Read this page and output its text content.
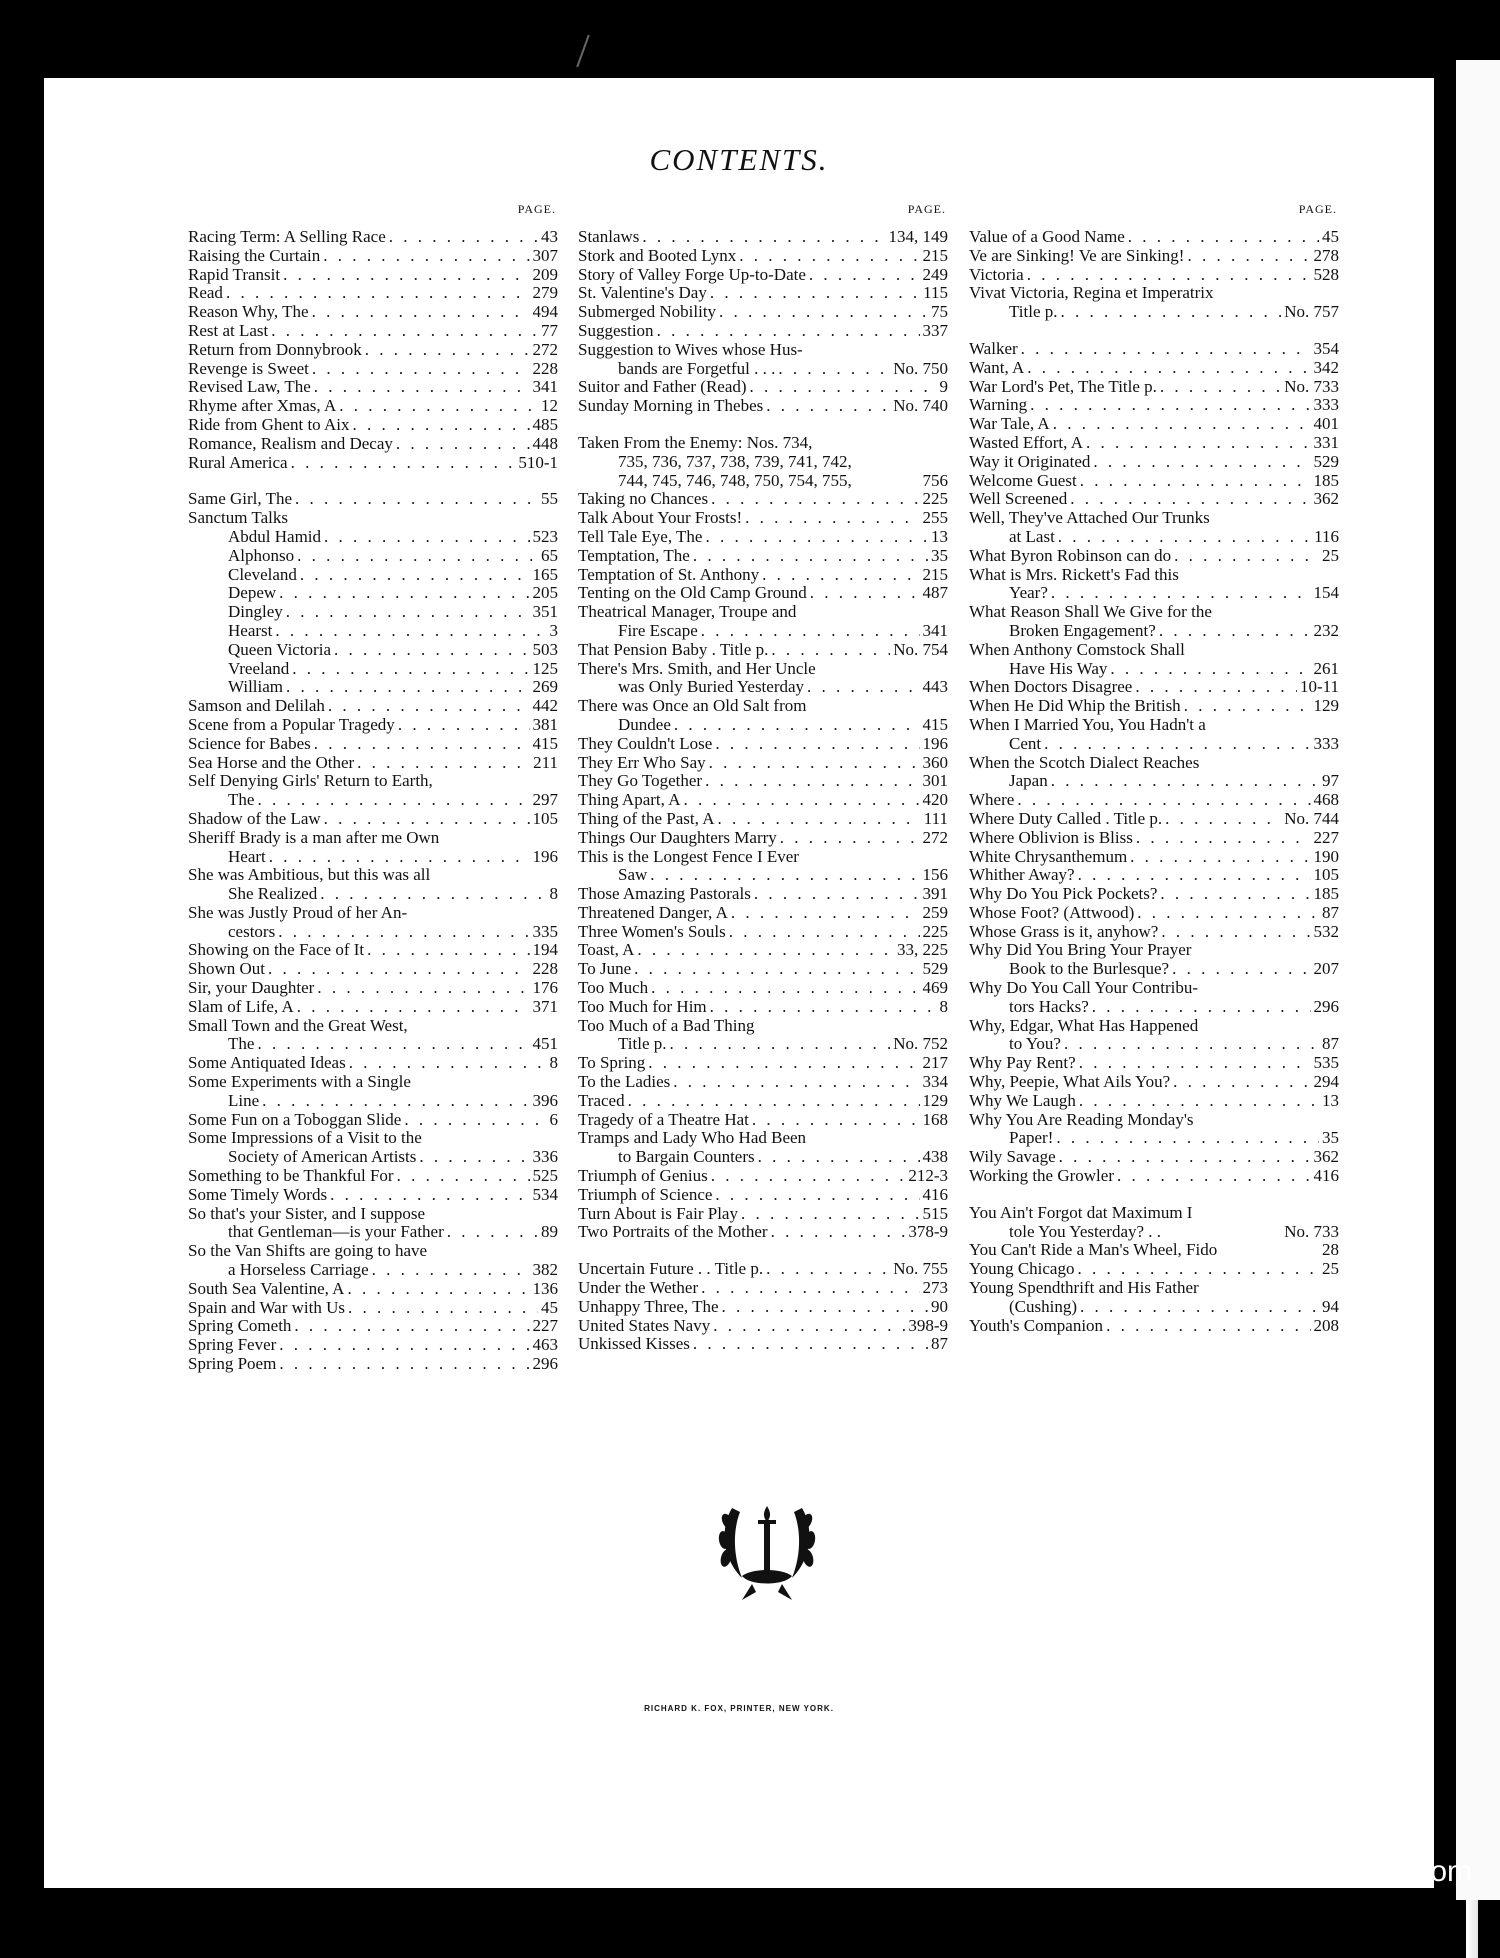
CONTENTS.
PAGE.
Racing Term: A Selling Race . . .	43
Raising the Curtain . . .	307
Rapid Transit . . .	209
Read . . .	279
Reason Why, The . . .	494
Rest at Last . . .	77
Return from Donnybrook . . .	272
Revenge is Sweet . . .	228
Revised Law, The . . .	341
Rhyme after Xmas, A . . .	12
Ride from Ghent to Aix . . .	485
Romance, Realism and Decay . . .	448
Rural America . . .	510-1
Same Girl, The . . .	55
Sanctum Talks
Abdul Hamid . . .	523
Alphonso . . .	65
Cleveland . . .	165
Depew . . .	205
Dingley . . .	351
Hearst . . .	3
Queen Victoria . . .	503
Vreeland . . .	125
William . . .	269
Samson and Delilah . . .	442
Scene from a Popular Tragedy . . .	381
Science for Babes . . .	415
Sea Horse and the Other . . .	211
Self Denying Girls' Return to Earth,
The . . .	297
Shadow of the Law . . .	105
Sheriff Brady is a man after me Own
Heart . . .	196
She was Ambitious, but this was all
She Realized . . .	8
She was Justly Proud of her An-
cestors . . .	335
Showing on the Face of It . . .	194
Shown Out . . .	228
Sir, your Daughter . . .	176
Slam of Life, A . . .	371
Small Town and the Great West,
The . . .	451
Some Antiquated Ideas . . .	8
Some Experiments with a Single
Line . . .	396
Some Fun on a Toboggan Slide . . .	6
Some Impressions of a Visit to the
Society of American Artists . . .	336
Something to be Thankful For . . .	525
Some Timely Words . . .	534
So that's your Sister, and I suppose
that Gentleman—is your Father . . .	89
So the Van Shifts are going to have
a Horseless Carriage . . .	382
South Sea Valentine, A . . .	136
Spain and War with Us . . .	45
Spring Cometh . . .	227
Spring Fever . . .	463
Spring Poem . . .	296
PAGE.
Stanlaws . . .	134, 149
Stork and Booted Lynx . . .	215
Story of Valley Forge Up-to-Date . . .	249
St. Valentine's Day . . .	115
Submerged Nobility . . .	75
Suggestion . . .	337
Suggestion to Wives whose Hus-
bands are Forgetful . . . . . .	No. 750
Suitor and Father (Read) . . .	9
Sunday Morning in Thebes . . .	No. 740
Taken From the Enemy: Nos. 734,
735, 736, 737, 738, 739, 741, 742,
744, 745, 746, 748, 750, 754, 755,	756
Taking no Chances . . .	225
Talk About Your Frosts! . . .	255
Tell Tale Eye, The . . .	13
Temptation, The . . .	35
Temptation of St. Anthony . . .	215
Tenting on the Old Camp Ground . . .	487
Theatrical Manager, Troupe and
Fire Escape . . .	341
That Pension Baby . Title p. . . .	No. 754
There's Mrs. Smith, and Her Uncle
was Only Buried Yesterday . . .	443
There was Once an Old Salt from
Dundee . . .	415
They Couldn't Lose . . .	196
They Err Who Say . . .	360
They Go Together . . .	301
Thing Apart, A . . .	420
Thing of the Past, A . . .	111
Things Our Daughters Marry . . .	272
This is the Longest Fence I Ever
Saw . . .	156
Those Amazing Pastorals . . .	391
Threatened Danger, A . . .	259
Three Women's Souls . . .	225
Toast, A . . .	33, 225
To June . . .	529
Too Much . . .	469
Too Much for Him . . .	8
Too Much of a Bad Thing
Title p. . . .	No. 752
To Spring . . .	217
To the Ladies . . .	334
Traced . . .	129
Tragedy of a Theatre Hat . . .	168
Tramps and Lady Who Had Been
to Bargain Counters . . .	438
Triumph of Genius . . .	212-3
Triumph of Science . . .	416
Turn About is Fair Play . . .	515
Two Portraits of the Mother . . .	378-9
Uncertain Future . . Title p. . . .	No. 755
Under the Wether . . .	273
Unhappy Three, The . . .	90
United States Navy . . .	398-9
Unkissed Kisses . . .	87
PAGE.
Value of a Good Name . . .	45
Ve are Sinking! Ve are Sinking! . . .	278
Victoria . . .	528
Vivat Victoria, Regina et Imperatrix
Title p. . . .	No. 757
Walker . . .	354
Want, A . . .	342
War Lord's Pet, The Title p. . . .	No. 733
Warning . . .	333
War Tale, A . . .	401
Wasted Effort, A . . .	331
Way it Originated . . .	529
Welcome Guest . . .	185
Well Screened . . .	362
Well, They've Attached Our Trunks
at Last . . .	116
What Byron Robinson can do . . .	25
What is Mrs. Rickett's Fad this
Year? . . .	154
What Reason Shall We Give for the
Broken Engagement? . . .	232
When Anthony Comstock Shall
Have His Way . . .	261
When Doctors Disagree . . .	10-11
When He Did Whip the British . . .	129
When I Married You, You Hadn't a
Cent . . .	333
When the Scotch Dialect Reaches
Japan . . .	97
Where . . .	468
Where Duty Called . Title p. . . .	No. 744
Where Oblivion is Bliss . . .	227
White Chrysanthemum . . .	190
Whither Away? . . .	105
Why Do You Pick Pockets? . . .	185
Whose Foot? (Attwood) . . .	87
Whose Grass is it, anyhow? . . .	532
Why Did You Bring Your Prayer
Book to the Burlesque? . . .	207
Why Do You Call Your Contribu-
tors Hacks? . . .	296
Why, Edgar, What Has Happened
to You? . . .	87
Why Pay Rent? . . .	535
Why, Peepie, What Ails You? . . .	294
Why We Laugh . . .	13
Why You Are Reading Monday's
Paper! . . .	35
Wily Savage . . .	362
Working the Growler . . .	416
You Ain't Forgot dat Maximum I
tole You Yesterday? . .	No. 733
You Can't Ride a Man's Wheel, Fido	28
Young Chicago . . .	25
Young Spendthrift and His Father
(Cushing) . . .	94
Youth's Companion . . .	208
RICHARD K. FOX, PRINTER, NEW YORK.
comicbooks.com
